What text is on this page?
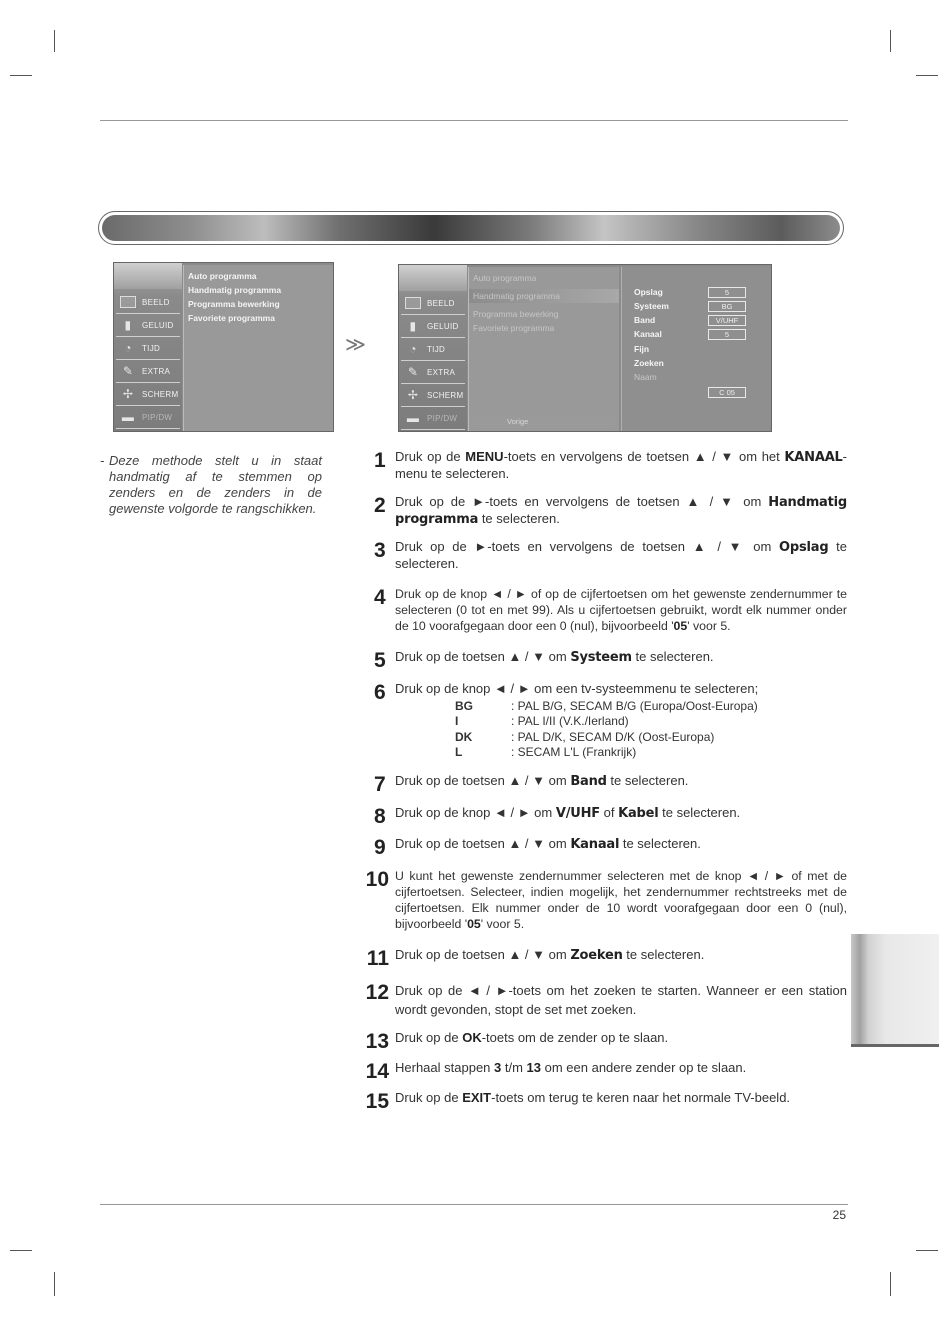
BEELD
▮	GELUID
◔	TIJD
✎	EXTRA
✢	SCHERM
▬ PIP/DW
Auto programma
Handmatig programma
Programma bewerking
Favoriete programma
≫
BEELD
▮	GELUID
◔	TIJD
✎	EXTRA
✢	SCHERM
▬ PIP/DW
Auto programma
Handmatig programma
Programma bewerking
Favoriete programma
Vorige
Opslag	5
Systeem	BG
Band	V/UHF
Kanaal	5
Fijn
Zoeken
Naam
C 05
- Deze methode stelt u in staat handmatig af te stemmen op zenders en de zenders in de gewenste volgorde te rangschikken.
1 Druk op de MENU-toets en vervolgens de toetsen ▲ / ▼ om het KANAAL-menu te selecteren.
2 Druk op de ►-toets en vervolgens de toetsen ▲ / ▼ om Handmatig programma te selecteren.
3 Druk op de ►-toets en vervolgens de toetsen ▲ / ▼ om Opslag te selecteren.
4 Druk op de knop ◄ / ► of op de cijfertoetsen om het gewenste zendernummer te selecteren (0 tot en met 99). Als u cijfertoetsen gebruikt, wordt elk nummer onder de 10 voorafgegaan door een 0 (nul), bijvoorbeeld '05' voor 5.
5 Druk op de toetsen ▲ / ▼ om Systeem te selecteren.
6 Druk op de knop ◄ / ► om een tv-systeemmenu te selecteren;
BG	: PAL B/G, SECAM B/G (Europa/Oost-Europa)
I	: PAL I/II (V.K./Ierland)
DK	: PAL D/K, SECAM D/K (Oost-Europa)
L	: SECAM L'L (Frankrijk)
7 Druk op de toetsen ▲ / ▼ om Band te selecteren.
8 Druk op de knop ◄ / ► om V/UHF of Kabel te selecteren.
9 Druk op de toetsen ▲ / ▼ om Kanaal te selecteren.
10 U kunt het gewenste zendernummer selecteren met de knop ◄ / ► of met de cijfertoetsen. Selecteer, indien mogelijk, het zendernummer rechtstreeks met de cijfertoetsen. Elk nummer onder de 10 wordt voorafgegaan door een 0 (nul), bijvoorbeeld '05' voor 5.
11 Druk op de toetsen ▲ / ▼ om Zoeken te selecteren.
12 Druk op de ◄ / ►-toets om het zoeken te starten. Wanneer er een station wordt gevonden, stopt de set met zoeken.
13 Druk op de OK-toets om de zender op te slaan.
14 Herhaal stappen 3 t/m 13 om een andere zender op te slaan.
15 Druk op de EXIT-toets om terug te keren naar het normale TV-beeld.
25
